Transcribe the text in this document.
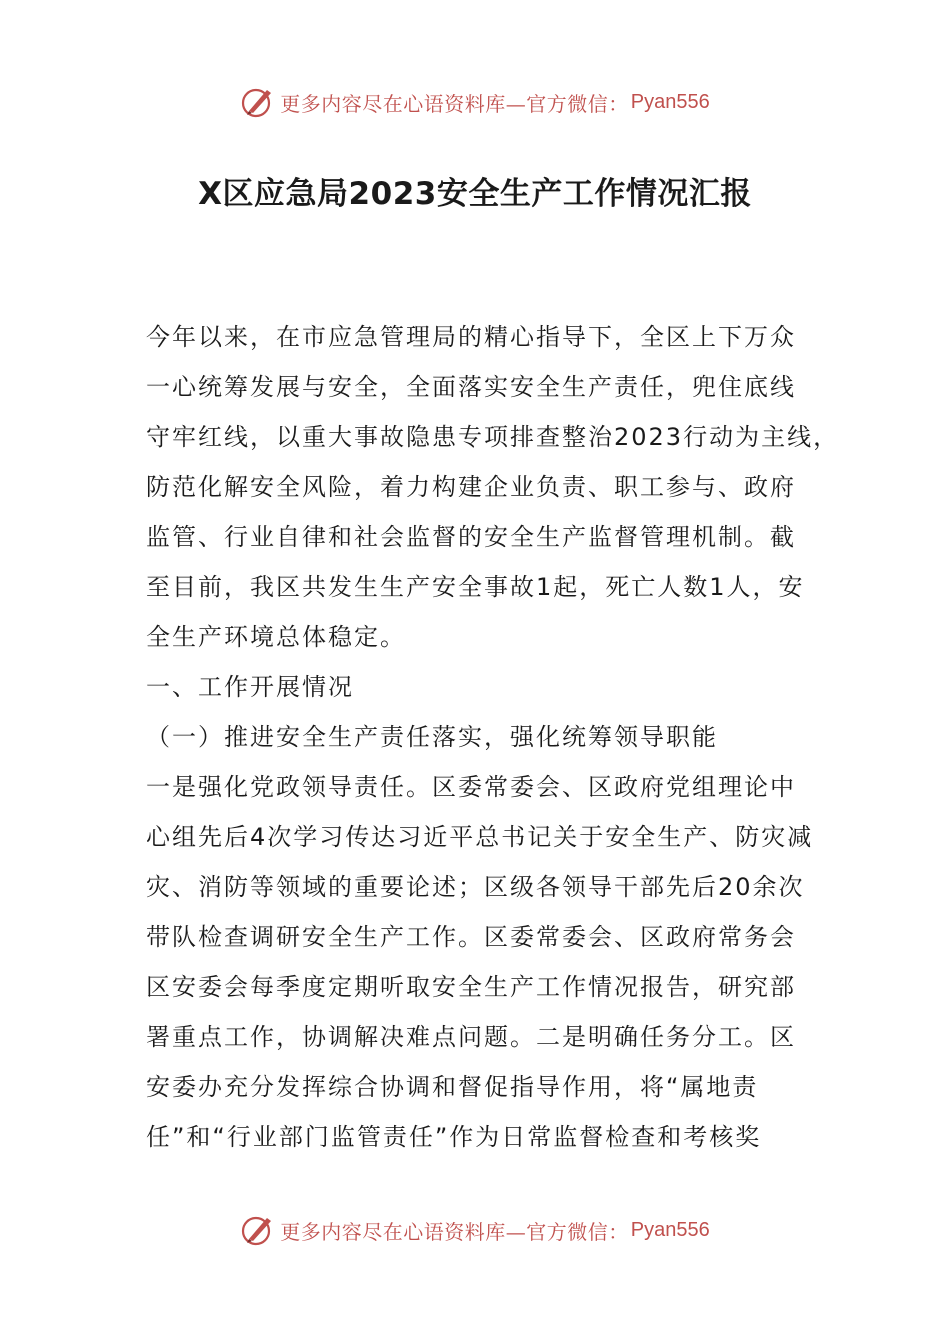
更多内容尽在心语资料库—官方微信： Pyan556
X区应急局2023安全生产工作情况汇报

今年以来，在市应急管理局的精心指导下，全区上下万众
一心统筹发展与安全，全面落实安全生产责任，兜住底线
守牢红线，以重大事故隐患专项排查整治2023行动为主线，
防范化解安全风险，着力构建企业负责、职工参与、政府
监管、行业自律和社会监督的安全生产监督管理机制。截
至目前，我区共发生生产安全事故1起，死亡人数1人，安
全生产环境总体稳定。

一、工作开展情况

（一）推进安全生产责任落实，强化统筹领导职能

一是强化党政领导责任。区委常委会、区政府党组理论中
心组先后4次学习传达习近平总书记关于安全生产、防灾减
灾、消防等领域的重要论述；区级各领导干部先后20余次
带队检查调研安全生产工作。区委常委会、区政府常务会
区安委会每季度定期听取安全生产工作情况报告，研究部
署重点工作，协调解决难点问题。二是明确任务分工。区
安委办充分发挥综合协调和督促指导作用，将“属地责
任”和“行业部门监管责任”作为日常监督检查和考核奖

更多内容尽在心语资料库—官方微信： Pyan556
